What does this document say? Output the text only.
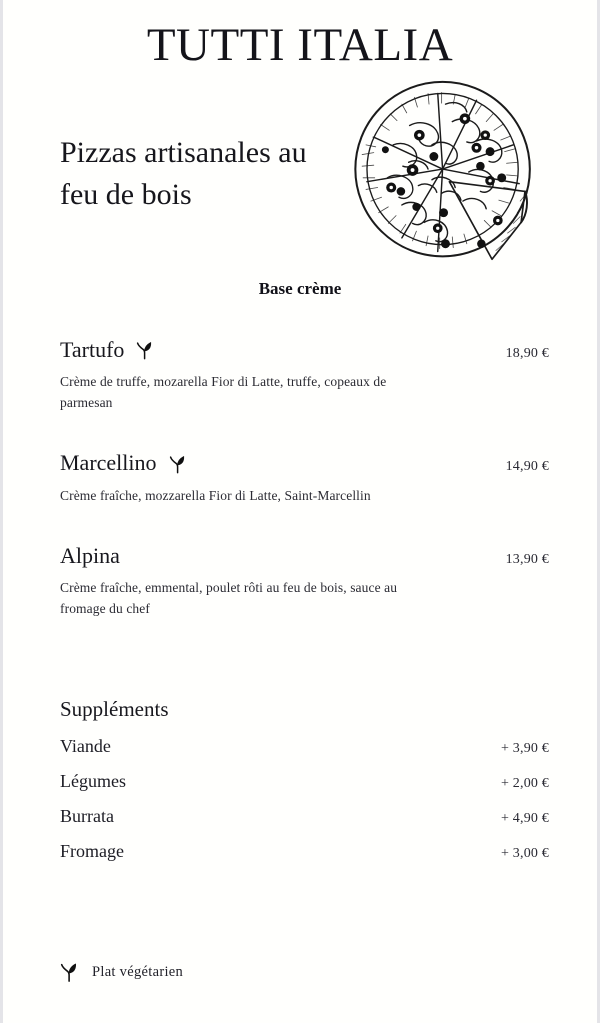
TUTTI ITALIA
Pizzas artisanales au feu de bois

Base crème

Tartufo	18,90 €

Crème de truffe, mozarella Fior di Latte, truffe, copeaux de parmesan

Marcellino	14,90 €

Crème fraîche, mozzarella Fior di Latte, Saint-Marcellin

Alpina	13,90 €

Crème fraîche, emmental, poulet rôti au feu de bois, sauce au fromage du chef

Suppléments
Viande	+ 3,90 €
Légumes	+ 2,00 €
Burrata	+ 4,90 €
Fromage	+ 3,00 €
Plat végétarien
